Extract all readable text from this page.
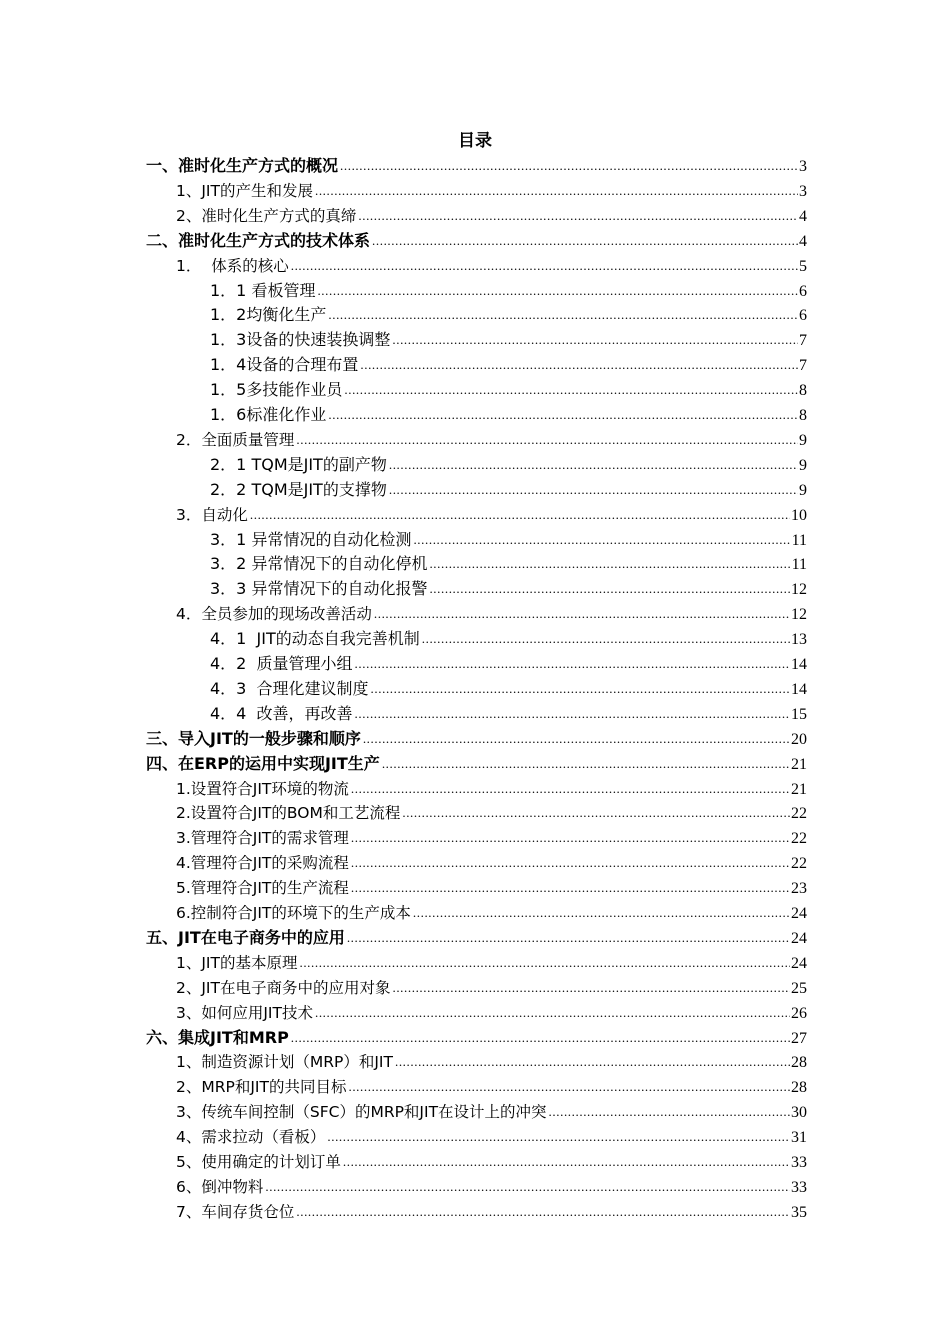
目录
一、准时化生产方式的概况 .....	3
1、JIT的产生和发展 .....	3
2、准时化生产方式的真缔 .....	4
二、准时化生产方式的技术体系 .....	4
1．  体系的核心 .....	5
1．1 看板管理 .....	6
1．2均衡化生产 .....	6
1．3设备的快速装换调整 .....	7
1．4设备的合理布置 .....	7
1．5多技能作业员 .....	8
1．6标准化作业 .....	8
2．全面质量管理 .....	9
2．1 TQM是JIT的副产物 .....	9
2．2 TQM是JIT的支撑物 .....	9
3．自动化 .....	10
3．1 异常情况的自动化检测 .....	11
3．2 异常情况下的自动化停机 .....	11
3．3 异常情况下的自动化报警 .....	12
4．全员参加的现场改善活动 .....	12
4．1  JIT的动态自我完善机制 .....	13
4．2  质量管理小组 .....	14
4．3  合理化建议制度 .....	14
4．4  改善，再改善 .....	15
三、导入JIT的一般步骤和顺序 .....	20
四、在ERP的运用中实现JIT生产 .....	21
1.设置符合JIT环境的物流 .....	21
2.设置符合JIT的BOM和工艺流程 .....	22
3.管理符合JIT的需求管理 .....	22
4.管理符合JIT的采购流程 .....	22
5.管理符合JIT的生产流程 .....	23
6.控制符合JIT的环境下的生产成本 .....	24
五、JIT在电子商务中的应用 .....	24
1、JIT的基本原理 .....	24
2、JIT在电子商务中的应用对象 .....	25
3、如何应用JIT技术 .....	26
六、集成JIT和MRP .....	27
1、制造资源计划（MRP）和JIT .....	28
2、MRP和JIT的共同目标 .....	28
3、传统车间控制（SFC）的MRP和JIT在设计上的冲突 .....	30
4、需求拉动（看板） .....	31
5、使用确定的计划订单 .....	33
6、倒冲物料 .....	33
7、车间存货仓位 .....	35
